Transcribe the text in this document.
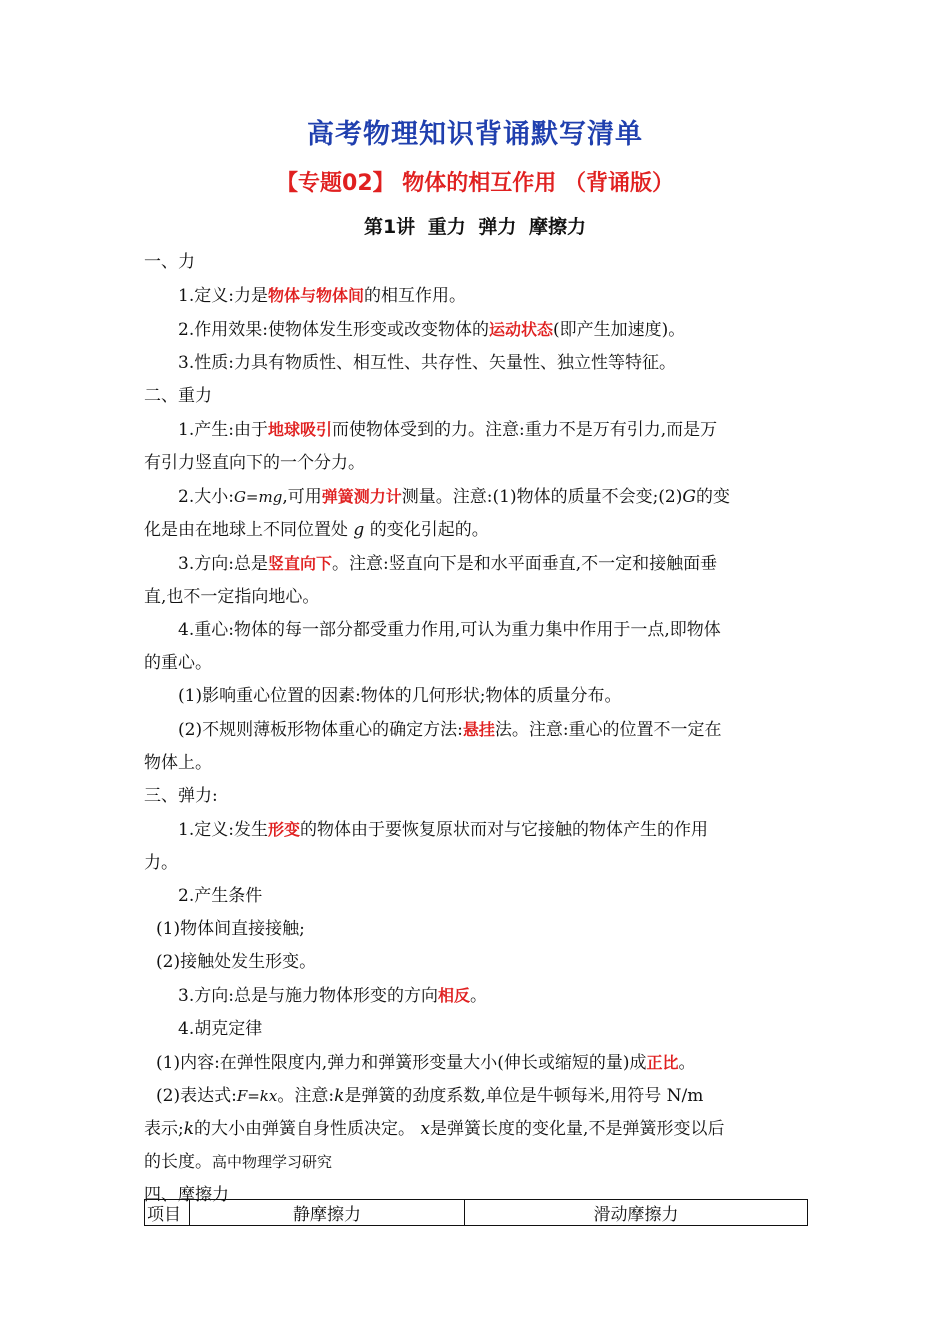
高考物理知识背诵默写清单
【专题02】 物体的相互作用 （背诵版）
第1讲 重力 弹力 摩擦力

一、力

1.定义:力是物体与物体间的相互作用。

2.作用效果:使物体发生形变或改变物体的运动状态(即产生加速度)。

3.性质:力具有物质性、相互性、共存性、矢量性、独立性等特征。

二、重力

1.产生:由于地球吸引而使物体受到的力。注意:重力不是万有引力,而是万

有引力竖直向下的一个分力。

2.大小:G=mg,可用弹簧测力计测量。注意:(1)物体的质量不会变;(2)G的变

化是由在地球上不同位置处 g 的变化引起的。

3.方向:总是竖直向下。注意:竖直向下是和水平面垂直,不一定和接触面垂

直,也不一定指向地心。

4.重心:物体的每一部分都受重力作用,可认为重力集中作用于一点,即物体

的重心。

(1)影响重心位置的因素:物体的几何形状;物体的质量分布。

(2)不规则薄板形物体重心的确定方法:悬挂法。注意:重心的位置不一定在

物体上。

三、弹力:

1.定义:发生形变的物体由于要恢复原状而对与它接触的物体产生的作用

力。

2.产生条件

(1)物体间直接接触;

(2)接触处发生形变。

3.方向:总是与施力物体形变的方向相反。

4.胡克定律

(1)内容:在弹性限度内,弹力和弹簧形变量大小(伸长或缩短的量)成正比。

(2)表达式:F=kx。注意:k是弹簧的劲度系数,单位是牛顿每米,用符号 N/m

表示;k的大小由弹簧自身性质决定。 x是弹簧长度的变化量,不是弹簧形变以后

的长度。高中物理学习研究

四、摩擦力

项目	静摩擦力	滑动摩擦力
